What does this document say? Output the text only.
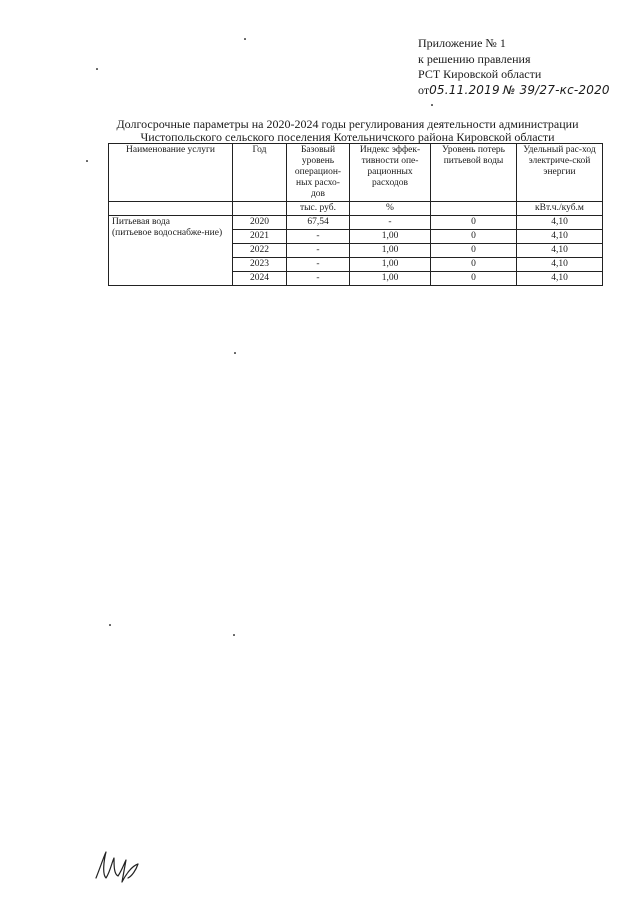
Приложение № 1
к решению правления
РСТ Кировской области
от05.11.2019 № 39/27-кс-2020
Долгосрочные параметры на 2020-2024 годы регулирования деятельности администрации
Чистопольского сельского поселения Котельничского района Кировской области
Наименование услуги	Год	Базовый уровень операцион-ных расхо-дов	Индекс эффек-тивности опе-рационных расходов	Уровень потерь питьевой воды	Удельный рас-ход электриче-ской энергии
		тыс. руб.	%		кВт.ч./куб.м

Питьевая вода
(питьевое водоснабже-ние)	2020	67,54	-	0	4,10
	2021	-	1,00	0	4,10
	2022	-	1,00	0	4,10
	2023	-	1,00	0	4,10
	2024	-	1,00	0	4,10
